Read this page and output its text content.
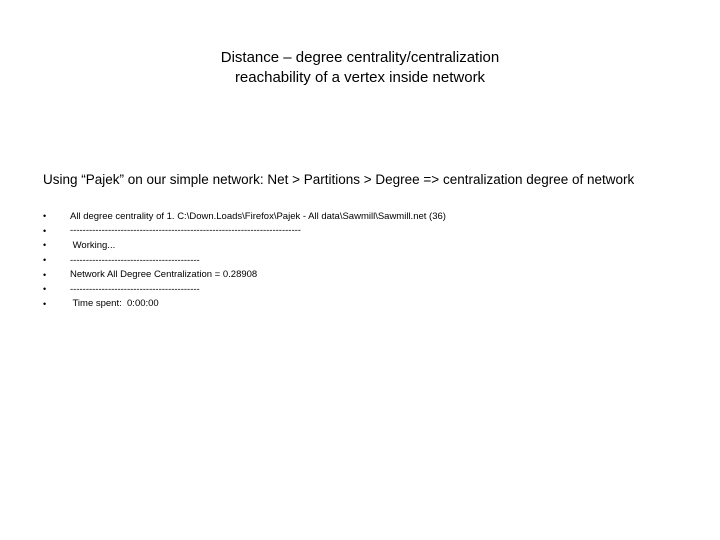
Distance – degree centrality/centralization
reachability of a vertex inside network
Using “Pajek” on our simple network: Net > Partitions > Degree => centralization degree of network
•	All degree centrality of 1. C:\Down.Loads\Firefox\Pajek - All data\Sawmill\Sawmill.net (36)
•	-------------------------------------------------------------------------
•	Working...
•	-----------------------------------------
•	Network All Degree Centralization = 0.28908
•	-----------------------------------------
•	Time spent:  0:00:00
